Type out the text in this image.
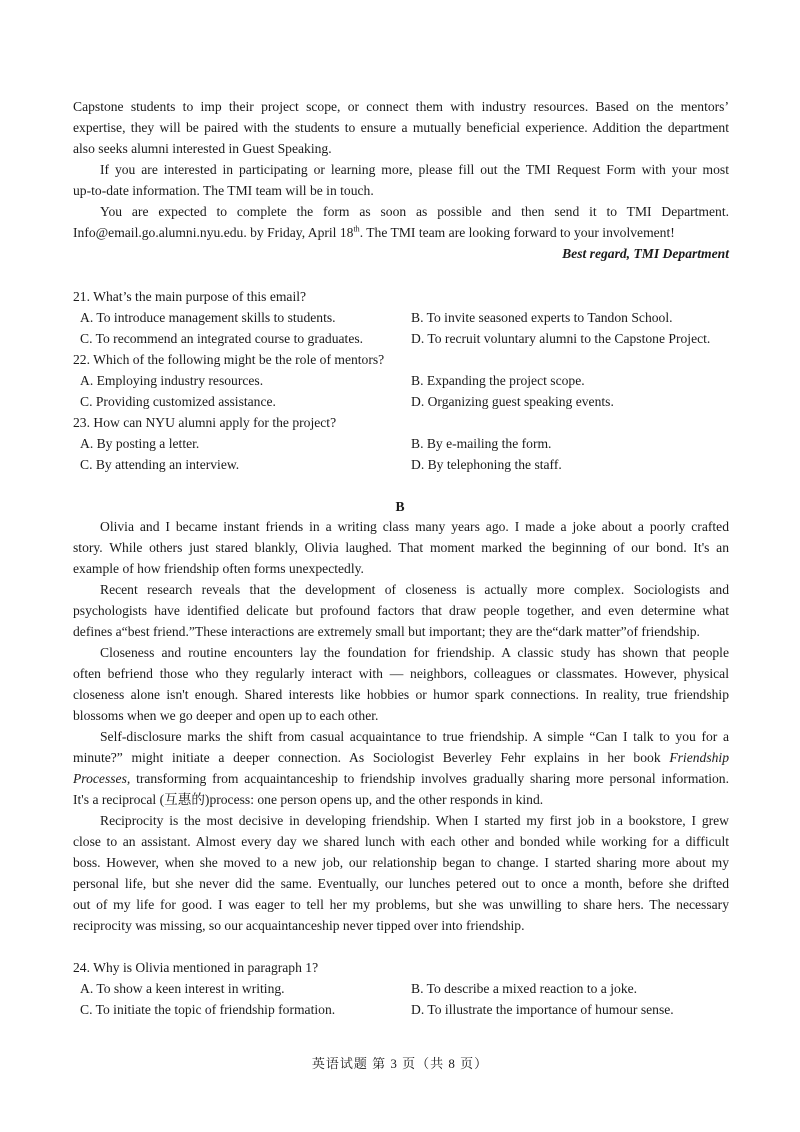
Capstone students to imp their project scope, or connect them with industry resources. Based on the mentors’
expertise, they will be paired with the students to ensure a mutually beneficial experience. Addition the department
also seeks alumni interested in Guest Speaking.
If you are interested in participating or learning more, please fill out the TMI Request Form with your most
up-to-date information. The TMI team will be in touch.
You are expected to complete the form as soon as possible and then send it to TMI Department.
Info@email.go.alumni.nyu.edu. by Friday, April 18th. The TMI team are looking forward to your involvement!
Best regard, TMI Department
21. What’s the main purpose of this email?
A. To introduce management skills to students.	B. To invite seasoned experts to Tandon School.
C. To recommend an integrated course to graduates.	D. To recruit voluntary alumni to the Capstone Project.
22. Which of the following might be the role of mentors?
A. Employing industry resources.	B. Expanding the project scope.
C. Providing customized assistance.	D. Organizing guest speaking events.
23. How can NYU alumni apply for the project?
A. By posting a letter.	B. By e-mailing the form.
C. By attending an interview.	D. By telephoning the staff.
B
Olivia and I became instant friends in a writing class many years ago. I made a joke about a poorly crafted
story. While others just stared blankly, Olivia laughed. That moment marked the beginning of our bond. It's an
example of how friendship often forms unexpectedly.
Recent research reveals that the development of closeness is actually more complex. Sociologists and
psychologists have identified delicate but profound factors that draw people together, and even determine what
defines a“best friend.”These interactions are extremely small but important; they are the“dark matter”of friendship.
Closeness and routine encounters lay the foundation for friendship. A classic study has shown that people
often befriend those who they regularly interact with — neighbors, colleagues or classmates. However, physical
closeness alone isn't enough. Shared interests like hobbies or humor spark connections. In reality, true friendship
blossoms when we go deeper and open up to each other.
Self-disclosure marks the shift from casual acquaintance to true friendship. A simple “Can I talk to you for a
minute?” might initiate a deeper connection. As Sociologist Beverley Fehr explains in her book Friendship
Processes, transforming from acquaintanceship to friendship involves gradually sharing more personal information.
It's a reciprocal (互惠的)process: one person opens up, and the other responds in kind.
Reciprocity is the most decisive in developing friendship. When I started my first job in a bookstore, I grew
close to an assistant. Almost every day we shared lunch with each other and bonded while working for a difficult
boss. However, when she moved to a new job, our relationship began to change. I started sharing more about my
personal life, but she never did the same. Eventually, our lunches petered out to once a month, before she drifted
out of my life for good. I was eager to tell her my problems, but she was unwilling to share hers. The necessary
reciprocity was missing, so our acquaintanceship never tipped over into friendship.
24. Why is Olivia mentioned in paragraph 1?
A. To show a keen interest in writing.	B. To describe a mixed reaction to a joke.
C. To initiate the topic of friendship formation.	D. To illustrate the importance of humour sense.
英语试题 第 3 页（共 8 页）
